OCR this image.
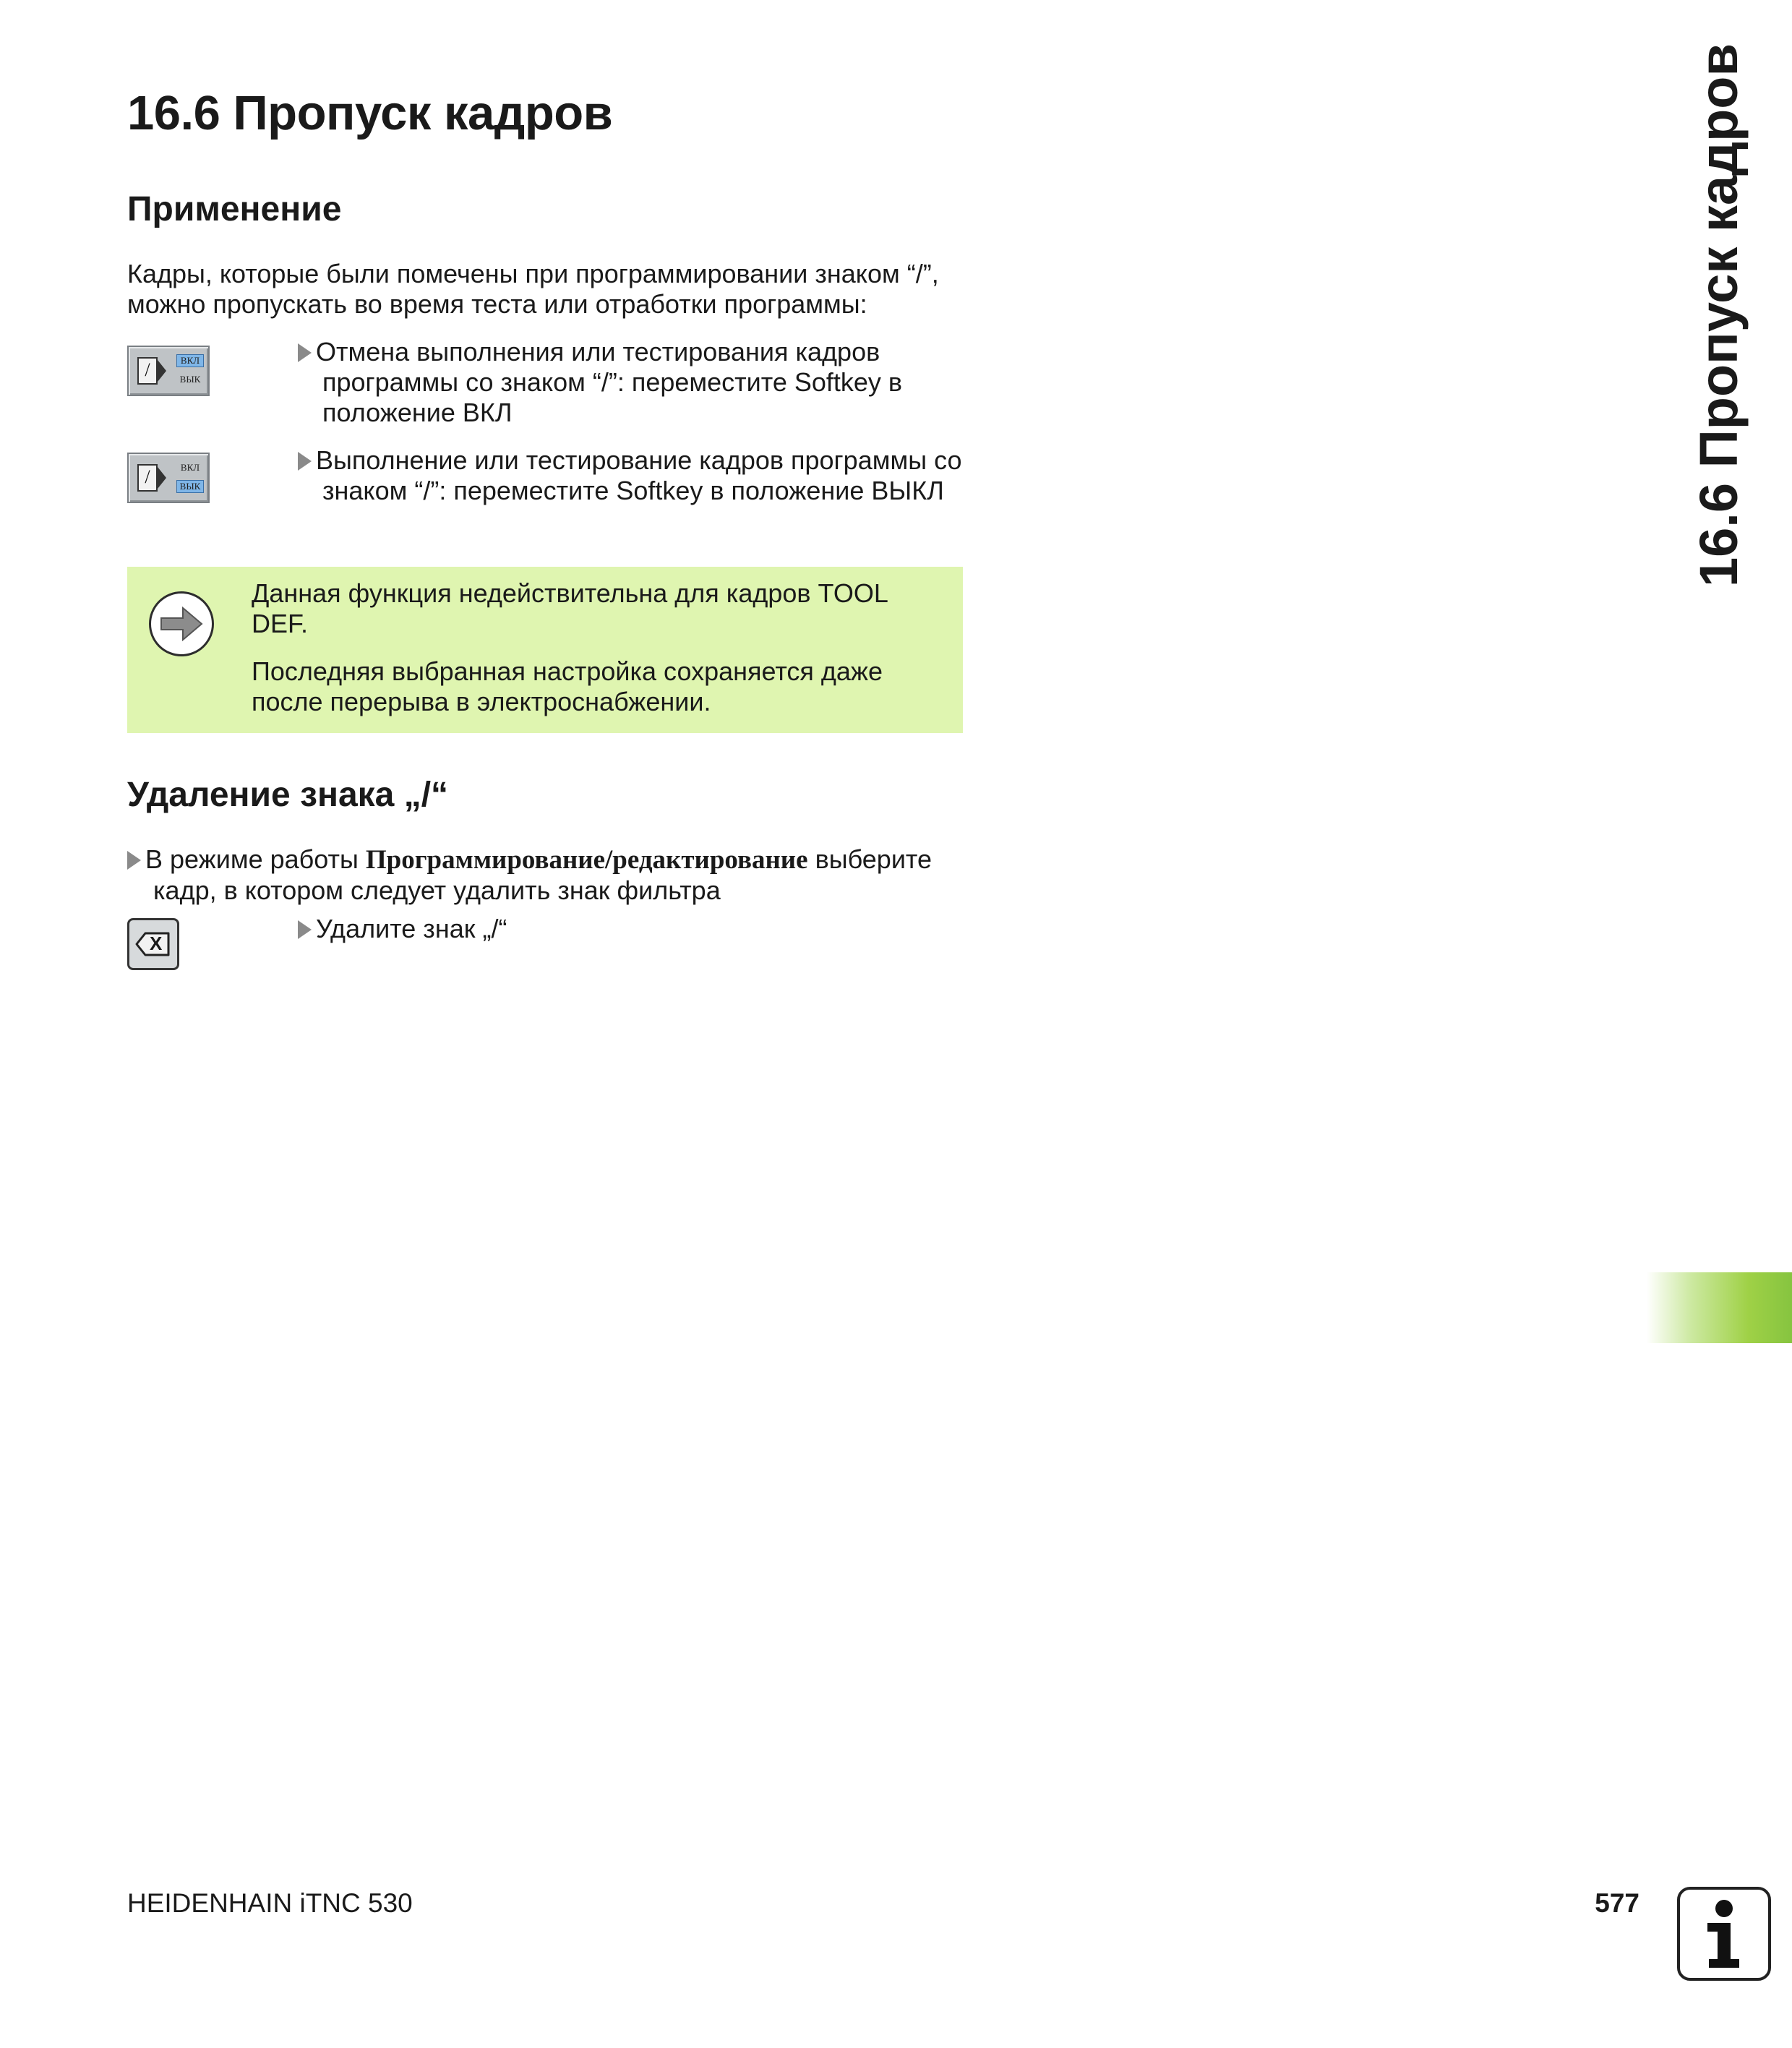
16.6 Пропуск кадров
Применение
Кадры, которые были помечены при программировании знаком “/”, можно пропускать во время теста или отработки программы:
/	ВКЛ
ВЫК
Отмена выполнения или тестирования кадров программы со знаком “/”: переместите Softkey в положение ВКЛ
/	ВКЛ
ВЫК
Выполнение или тестирование кадров программы со знаком “/”: переместите Softkey в положение ВЫКЛ
Данная функция недействительна для кадров TOOL DEF.
Последняя выбранная настройка сохраняется даже после перерыва в электроснабжении.
Удаление знака „/“
В режиме работы Программирование/редактирование выберите кадр, в котором следует удалить знак фильтра
X	Удалите знак „/“
16.6 Пропуск кадров
HEIDENHAIN iTNC 530	577
